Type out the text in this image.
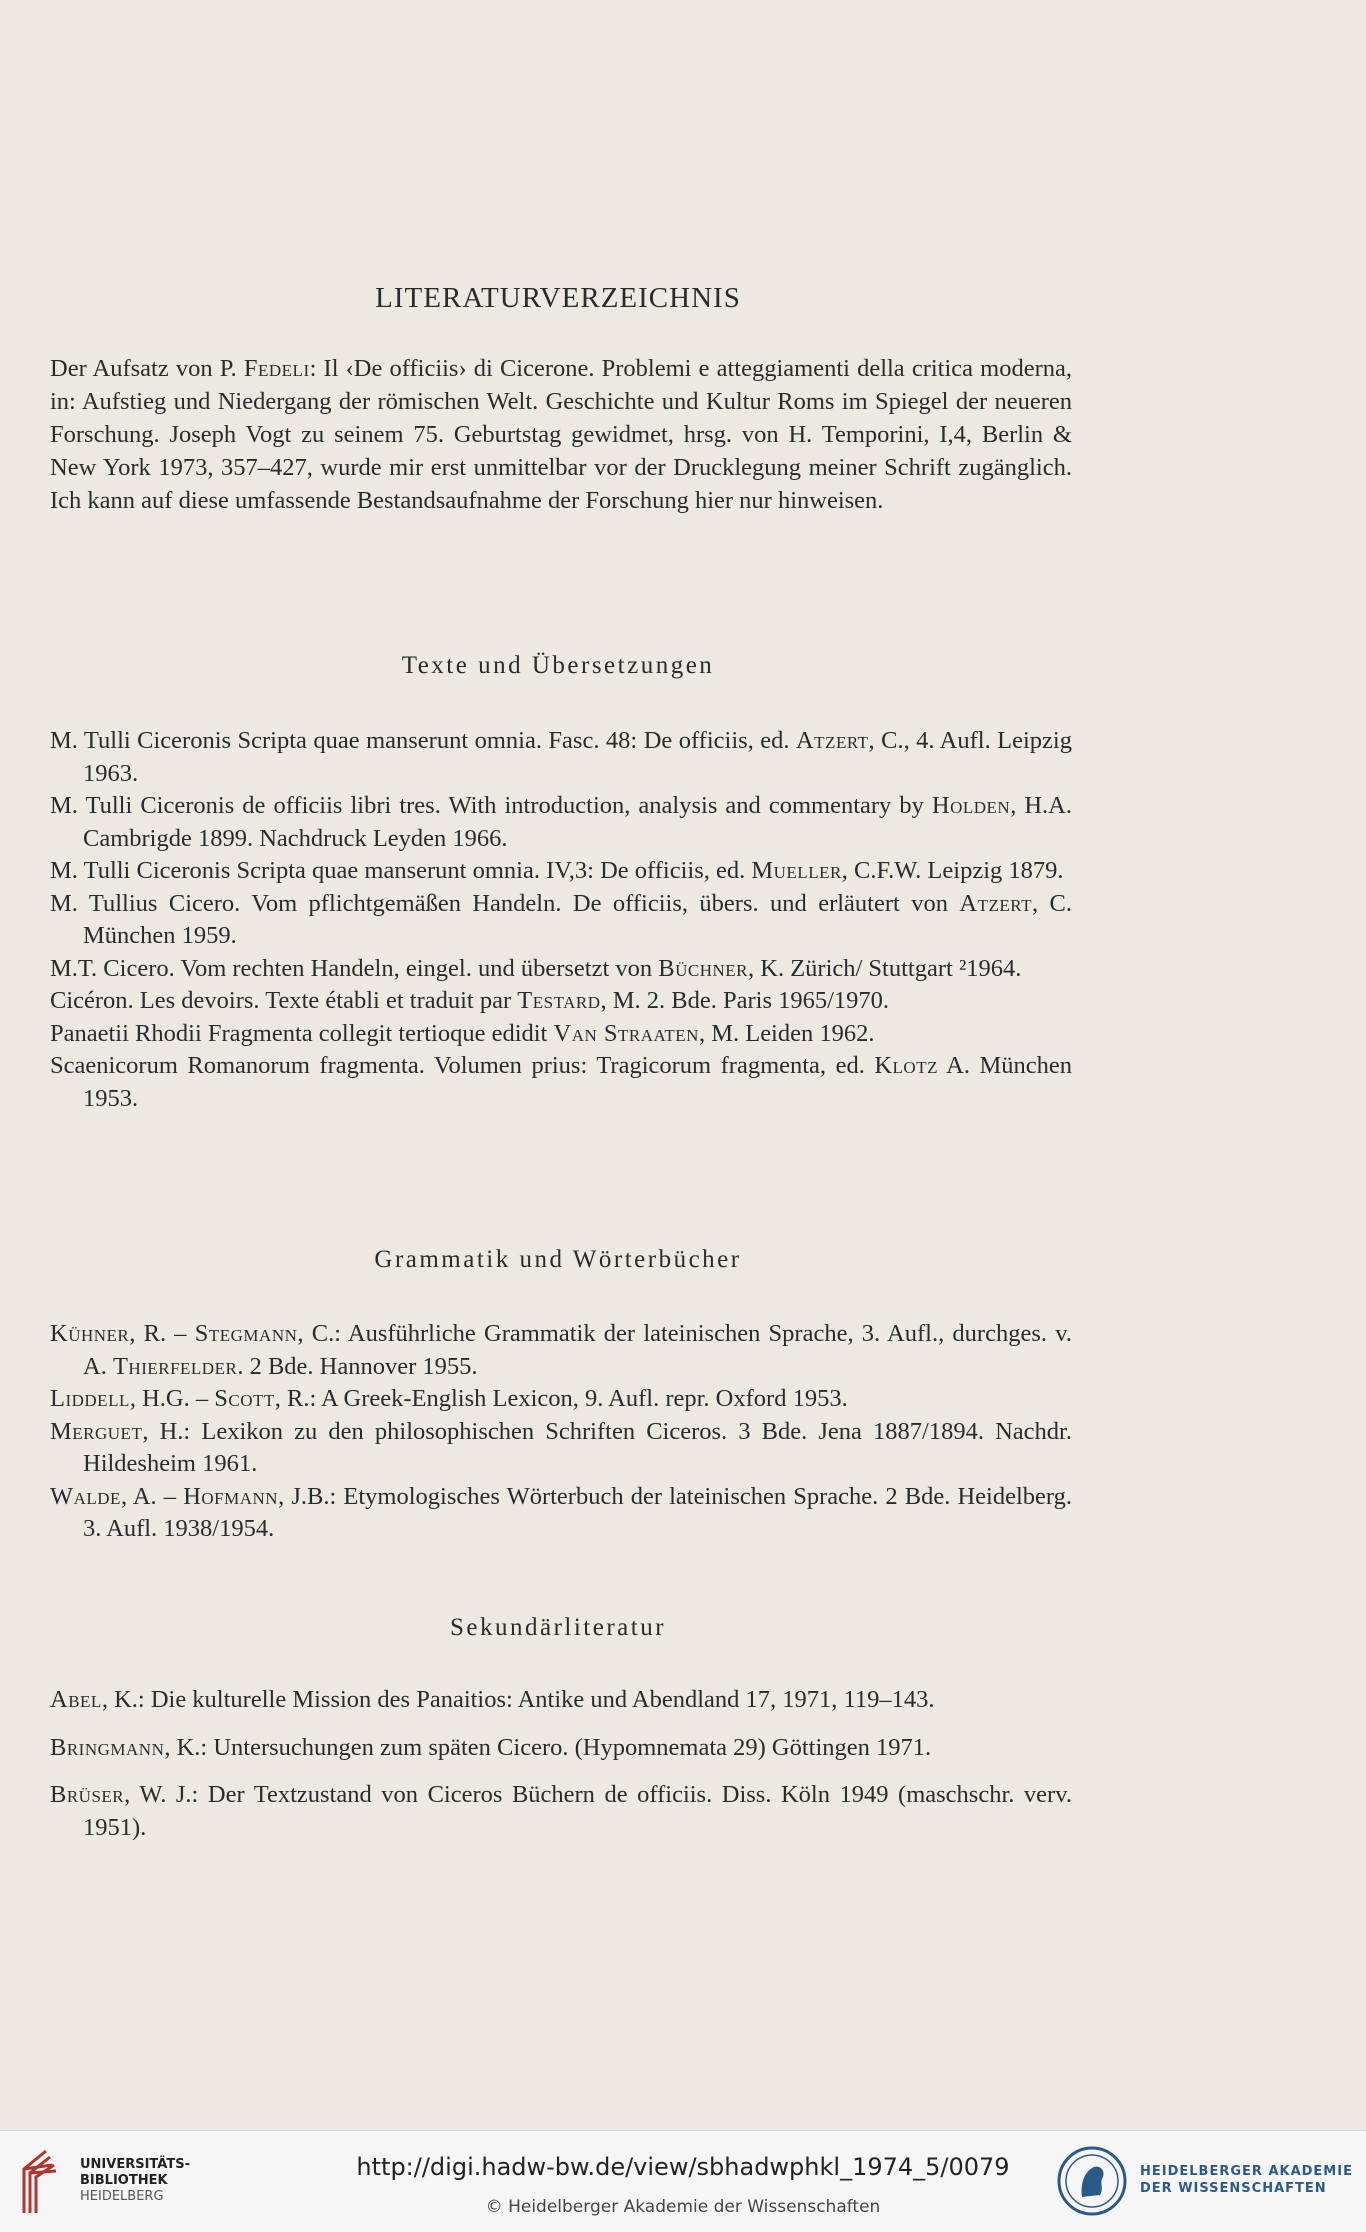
LITERATURVERZEICHNIS
Der Aufsatz von P. Fedeli: Il ‹De officiis› di Cicerone. Problemi e atteggiamenti della critica moderna, in: Aufstieg und Niedergang der römischen Welt. Geschichte und Kultur Roms im Spiegel der neueren Forschung. Joseph Vogt zu seinem 75. Geburtstag gewidmet, hrsg. von H. Temporini, I,4, Berlin & New York 1973, 357–427, wurde mir erst unmittelbar vor der Drucklegung meiner Schrift zugänglich. Ich kann auf diese umfassende Bestandsaufnahme der Forschung hier nur hinweisen.
Texte und Übersetzungen

M. Tulli Ciceronis Scripta quae manserunt omnia. Fasc. 48: De officiis, ed. Atzert, C., 4. Aufl. Leipzig 1963.

M. Tulli Ciceronis de officiis libri tres. With introduction, analysis and commentary by Holden, H.A. Cambrigde 1899. Nachdruck Leyden 1966.

M. Tulli Ciceronis Scripta quae manserunt omnia. IV,3: De officiis, ed. Mueller, C.F.W. Leipzig 1879.

M. Tullius Cicero. Vom pflichtgemäßen Handeln. De officiis, übers. und erläutert von Atzert, C. München 1959.

M.T. Cicero. Vom rechten Handeln, eingel. und übersetzt von Büchner, K. Zürich/ Stuttgart ²1964.

Cicéron. Les devoirs. Texte établi et traduit par Testard, M. 2. Bde. Paris 1965/1970.

Panaetii Rhodii Fragmenta collegit tertioque edidit Van Straaten, M. Leiden 1962.

Scaenicorum Romanorum fragmenta. Volumen prius: Tragicorum fragmenta, ed. Klotz A. München 1953.

Grammatik und Wörterbücher

Kühner, R. – Stegmann, C.: Ausführliche Grammatik der lateinischen Sprache, 3. Aufl., durchges. v. A. Thierfelder. 2 Bde. Hannover 1955.

Liddell, H.G. – Scott, R.: A Greek-English Lexicon, 9. Aufl. repr. Oxford 1953.

Merguet, H.: Lexikon zu den philosophischen Schriften Ciceros. 3 Bde. Jena 1887/1894. Nachdr. Hildesheim 1961.

Walde, A. – Hofmann, J.B.: Etymologisches Wörterbuch der lateinischen Sprache. 2 Bde. Heidelberg. 3. Aufl. 1938/1954.

Sekundärliteratur

Abel, K.: Die kulturelle Mission des Panaitios: Antike und Abendland 17, 1971, 119–143.

Bringmann, K.: Untersuchungen zum späten Cicero. (Hypomnemata 29) Göttingen 1971.

Brüser, W. J.: Der Textzustand von Ciceros Büchern de officiis. Diss. Köln 1949 (maschschr. verv. 1951).

UNIVERSITÄTS-
BIBLIOTHEK
HEIDELBERG
http://digi.hadw-bw.de/view/sbhadwphkl_1974_5/0079
© Heidelberger Akademie der Wissenschaften
HEIDELBERGER AKADEMIE
DER WISSENSCHAFTEN
